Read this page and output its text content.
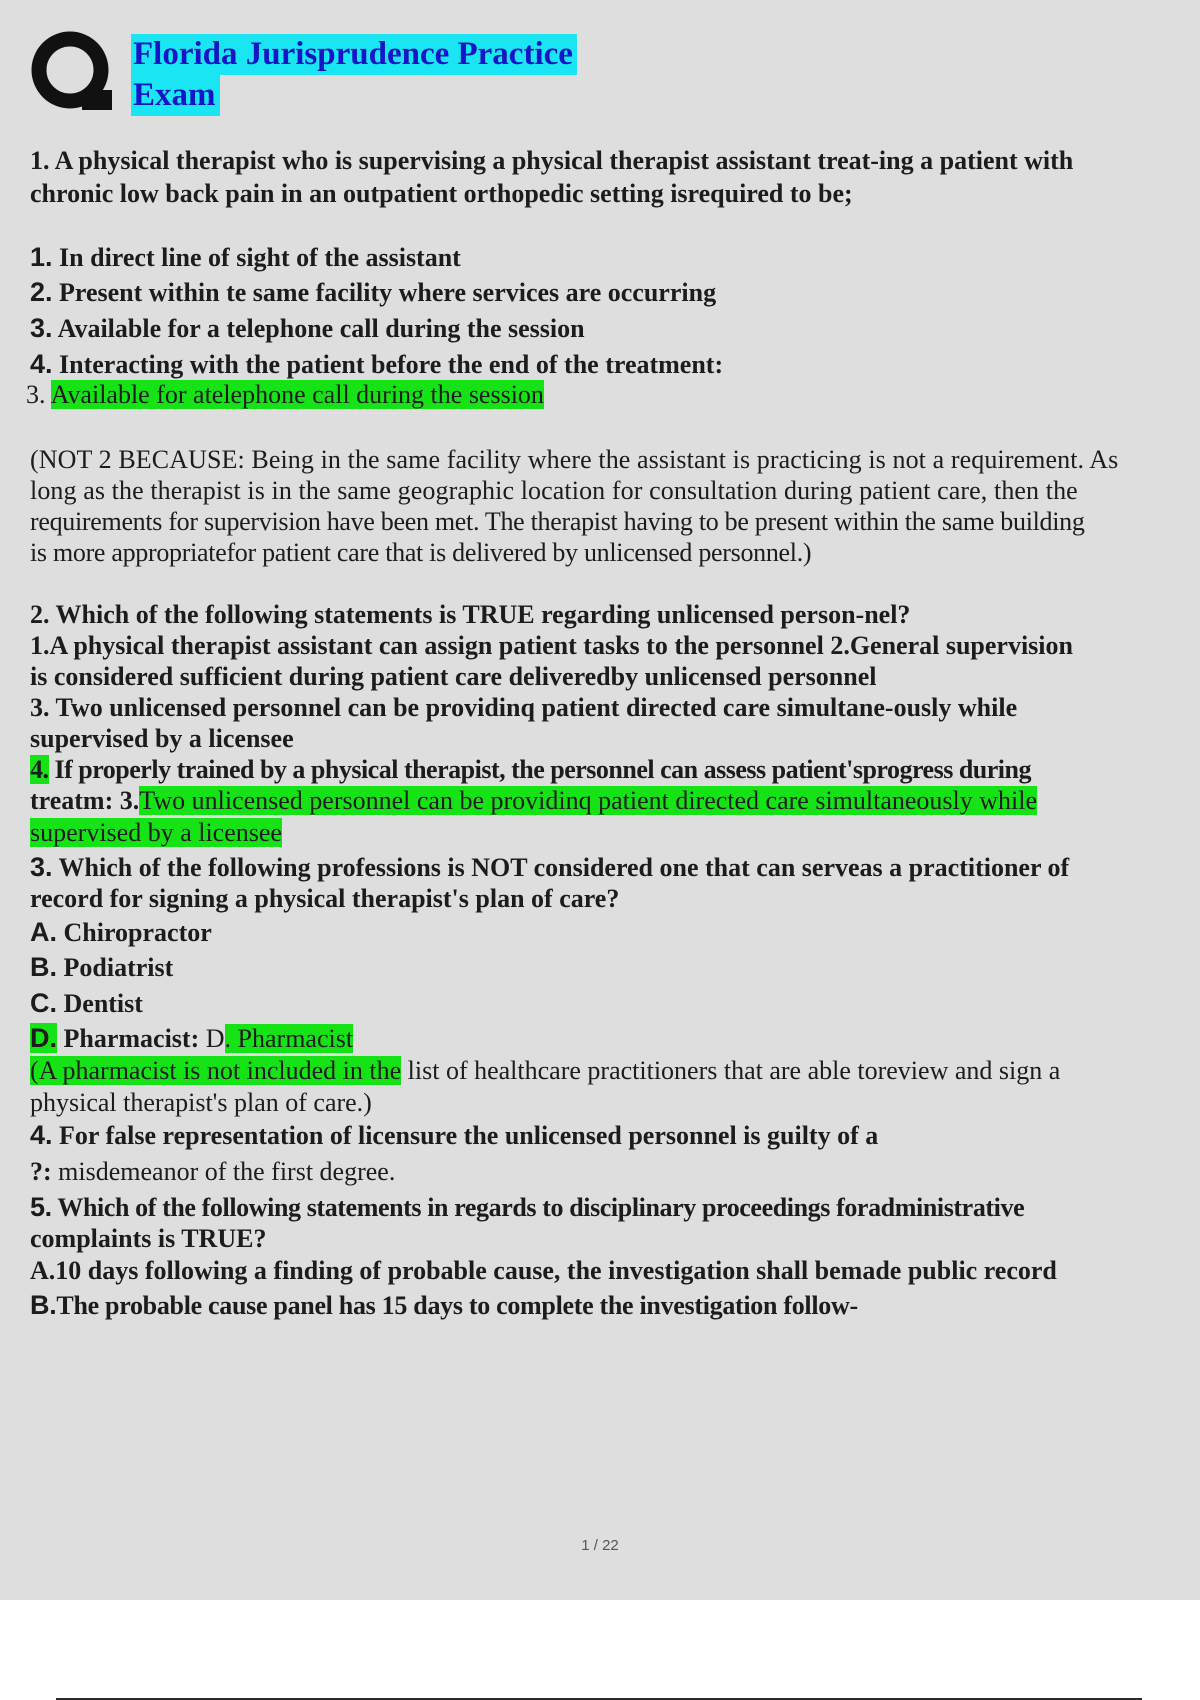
Florida Jurisprudence Practice
Exam
1. A physical therapist who is supervising a physical therapist assistant treat-ing a patient with
chronic low back pain in an outpatient orthopedic setting isrequired to be;
1. In direct line of sight of the assistant
2. Present within te same facility where services are occurring
3. Available for a telephone call during the session
4. Interacting with the patient before the end of the treatment:
3. Available for atelephone call during the session
(NOT 2 BECAUSE: Being in the same facility where the assistant is practicing is not a requirement. As
long as the therapist is in the same geographic location for consultation during patient care, then the
requirements for supervision have been met. The therapist having to be present within the same building
is more appropriatefor patient care that is delivered by unlicensed personnel.)
2. Which of the following statements is TRUE regarding unlicensed person-nel?
1.A physical therapist assistant can assign patient tasks to the personnel 2.General supervision
is considered sufficient during patient care deliveredby unlicensed personnel
3. Two unlicensed personnel can be providinq patient directed care simultane-ously while
supervised by a licensee
4. If properly trained by a physical therapist, the personnel can assess patient'sprogress during
treatm: 3.Two unlicensed personnel can be providinq patient directed care simultaneously while
supervised by a licensee
3. Which of the following professions is NOT considered one that can serveas a practitioner of
record for signing a physical therapist's plan of care?
A. Chiropractor
B. Podiatrist
C. Dentist
D. Pharmacist: D. Pharmacist
(A pharmacist is not included in the list of healthcare practitioners that are able toreview and sign a
physical therapist's plan of care.)
4. For false representation of licensure the unlicensed personnel is guilty of a
?: misdemeanor of the first degree.
5. Which of the following statements in regards to disciplinary proceedings foradministrative
complaints is TRUE?
A.10 days following a finding of probable cause, the investigation shall bemade public record
B.The probable cause panel has 15 days to complete the investigation follow-
1 / 22
